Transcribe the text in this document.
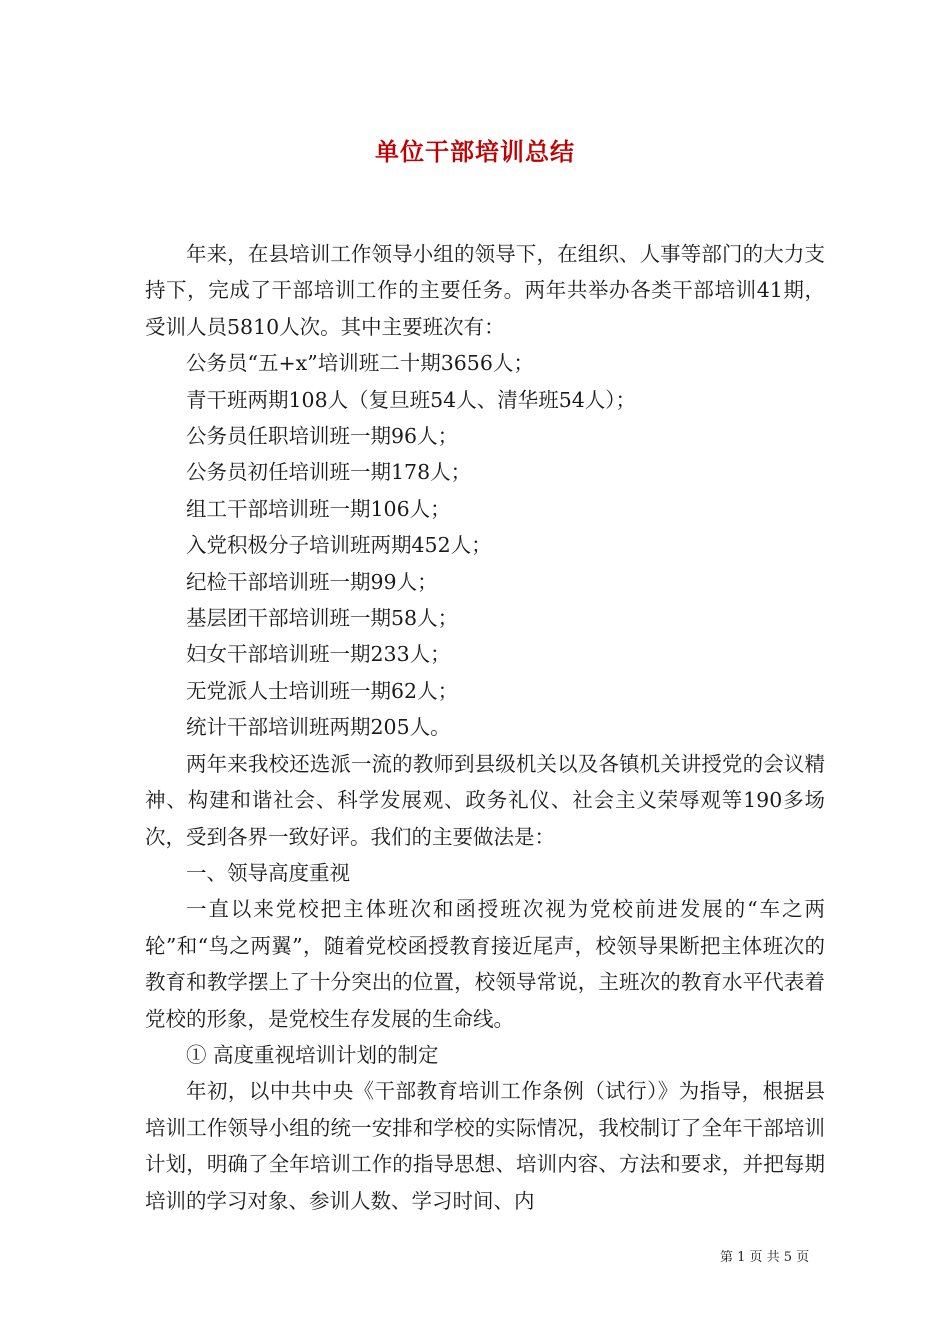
单位干部培训总结

年来，在县培训工作领导小组的领导下，在组织、人事等部门的大力支持下，完成了干部培训工作的主要任务。两年共举办各类干部培训41期，受训人员5810人次。其中主要班次有：

公务员“五+x”培训班二十期3656人；

青干班两期108人（复旦班54人、清华班54人）；

公务员任职培训班一期96人；

公务员初任培训班一期178人；

组工干部培训班一期106人；

入党积极分子培训班两期452人；

纪检干部培训班一期99人；

基层团干部培训班一期58人；

妇女干部培训班一期233人；

无党派人士培训班一期62人；

统计干部培训班两期205人。

两年来我校还选派一流的教师到县级机关以及各镇机关讲授党的会议精神、构建和谐社会、科学发展观、政务礼仪、社会主义荣辱观等190多场次，受到各界一致好评。我们的主要做法是：

一、领导高度重视

一直以来党校把主体班次和函授班次视为党校前进发展的“车之两轮”和“鸟之两翼”，随着党校函授教育接近尾声，校领导果断把主体班次的教育和教学摆上了十分突出的位置，校领导常说，主班次的教育水平代表着党校的形象，是党校生存发展的生命线。

① 高度重视培训计划的制定

年初，以中共中央《干部教育培训工作条例（试行）》为指导，根据县培训工作领导小组的统一安排和学校的实际情况，我校制订了全年干部培训计划，明确了全年培训工作的指导思想、培训内容、方法和要求，并把每期培训的学习对象、参训人数、学习时间、内

第 1 页 共 5 页
